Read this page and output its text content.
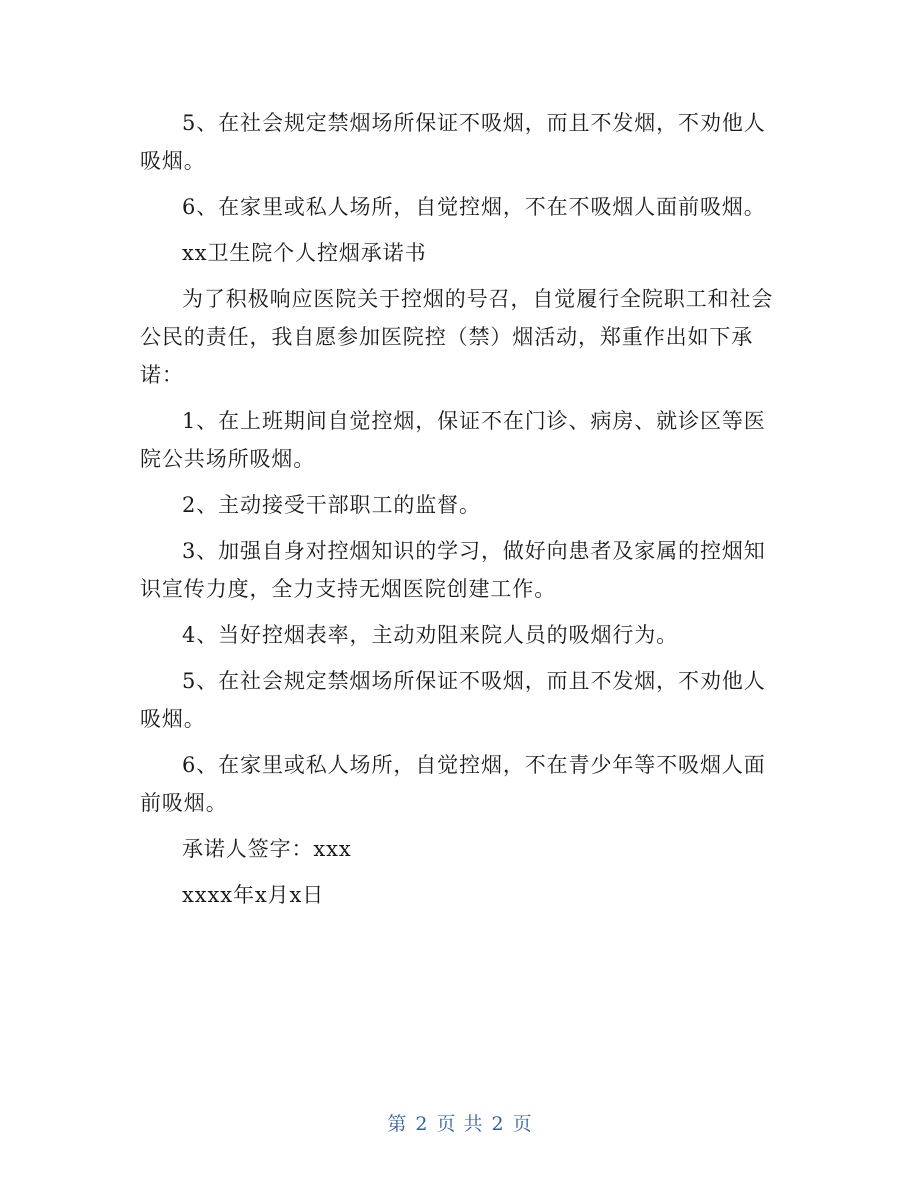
5、在社会规定禁烟场所保证不吸烟，而且不发烟，不劝他人吸烟。

6、在家里或私人场所，自觉控烟，不在不吸烟人面前吸烟。

xx卫生院个人控烟承诺书

为了积极响应医院关于控烟的号召，自觉履行全院职工和社会公民的责任，我自愿参加医院控（禁）烟活动，郑重作出如下承诺：

1、在上班期间自觉控烟，保证不在门诊、病房、就诊区等医院公共场所吸烟。

2、主动接受干部职工的监督。

3、加强自身对控烟知识的学习，做好向患者及家属的控烟知识宣传力度，全力支持无烟医院创建工作。

4、当好控烟表率，主动劝阻来院人员的吸烟行为。

5、在社会规定禁烟场所保证不吸烟，而且不发烟，不劝他人吸烟。

6、在家里或私人场所，自觉控烟，不在青少年等不吸烟人面前吸烟。

承诺人签字：xxx

xxxx年x月x日

第 2 页 共 2 页
